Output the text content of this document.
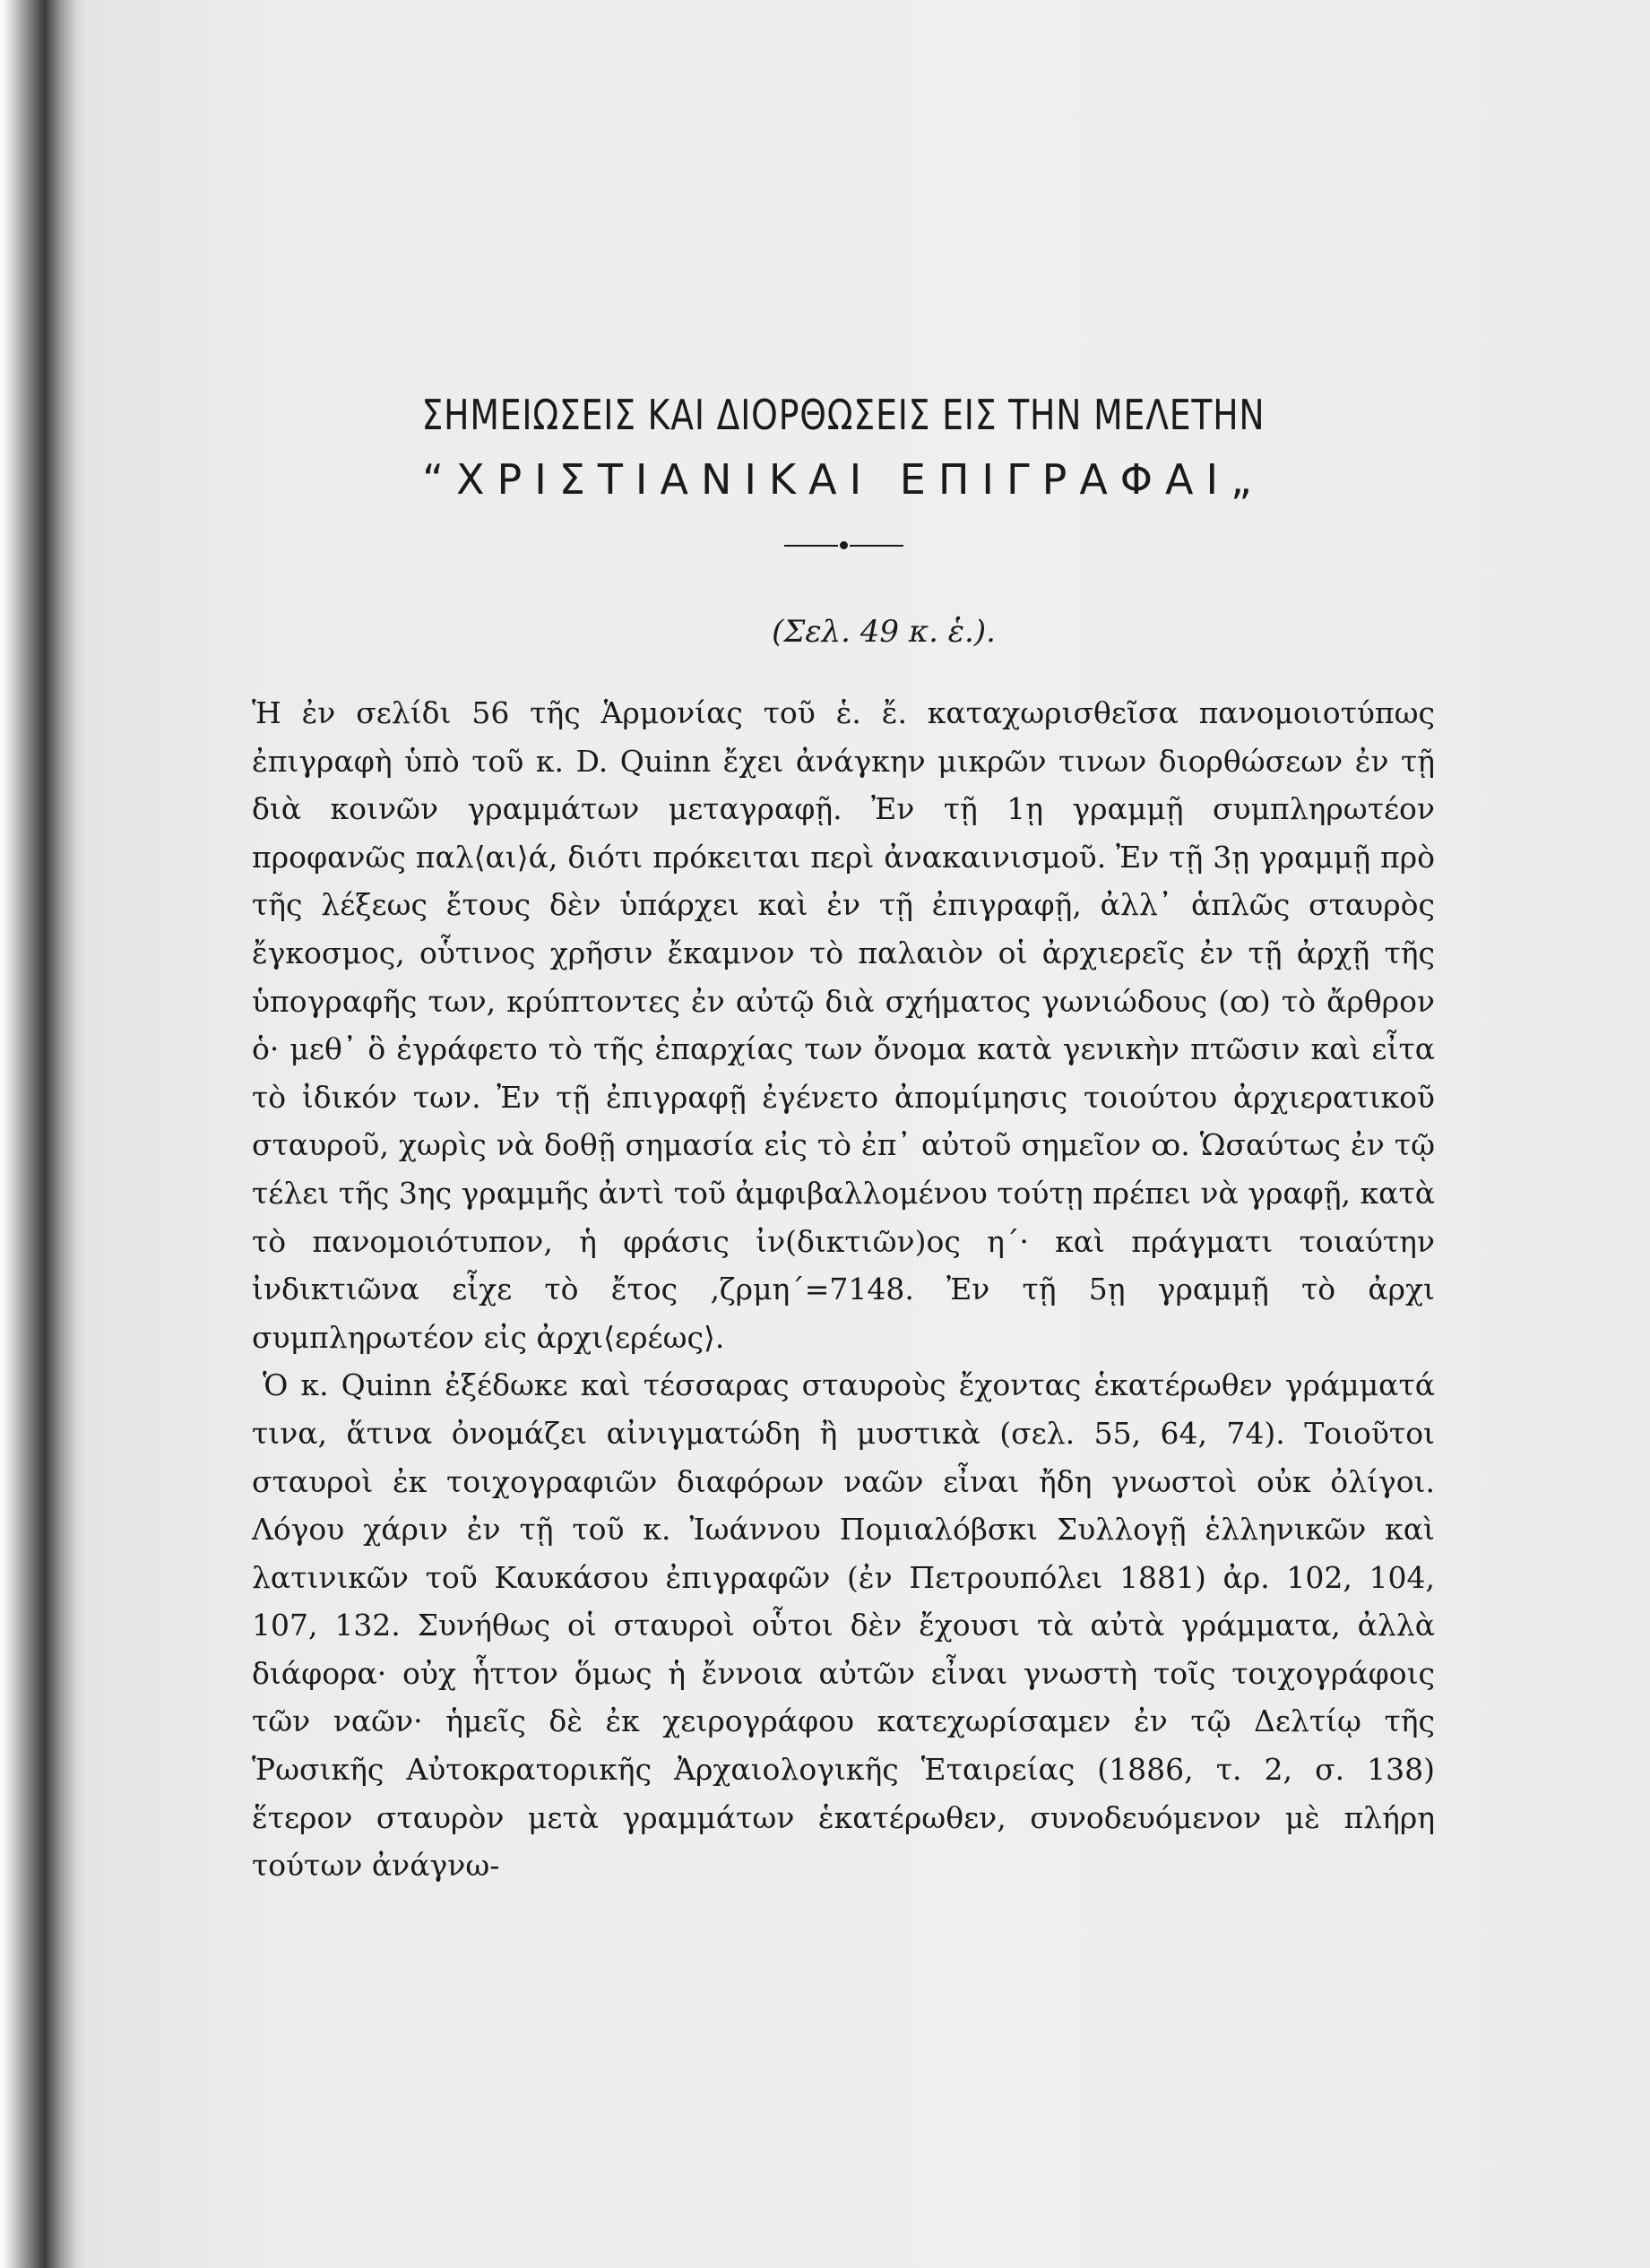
ΣΗΜΕΙΩΣΕΙΣ ΚΑΙ ΔΙΟΡΘΩΣΕΙΣ ΕΙΣ ΤΗΝ ΜΕΛΕΤΗΝ
“ΧΡΙΣΤΙΑΝΙΚΑΙ ΕΠΙΓΡΑΦΑΙ„
(Σελ. 49 κ. ἑ.).

Ἡ ἐν σελίδι 56 τῆς Ἁρμονίας τοῦ ἑ. ἔ. καταχωρισθεῖσα πανομοιοτύπως ἐπιγραφὴ ὑπὸ τοῦ κ. D. Quinn ἔχει ἀνάγκην μικρῶν τινων διορθώσεων ἐν τῇ διὰ κοινῶν γραμμάτων μεταγραφῇ. Ἐν τῇ 1ῃ γραμμῇ συμπληρωτέον προφανῶς παλ⟨αι⟩ά, διότι πρόκειται περὶ ἀνακαινισμοῦ. Ἐν τῇ 3ῃ γραμμῇ πρὸ τῆς λέξεως ἔτους δὲν ὑπάρχει καὶ ἐν τῇ ἐπιγραφῇ, ἀλλ᾽ ἁπλῶς σταυρὸς ἔγκοσμος, οὗτινος χρῆσιν ἔκαμνον τὸ παλαιὸν οἱ ἀρχιερεῖς ἐν τῇ ἀρχῇ τῆς ὑπογραφῆς των, κρύπτοντες ἐν αὐτῷ διὰ σχήματος γωνιώδους (ꝏ) τὸ ἄρθρον ὁ· μεθ᾽ ὃ ἐγράφετο τὸ τῆς ἐπαρχίας των ὄνομα κατὰ γενικὴν πτῶσιν καὶ εἶτα τὸ ἰδικόν των. Ἐν τῇ ἐπιγραφῇ ἐγένετο ἀπομίμησις τοιούτου ἀρχιερατικοῦ σταυροῦ, χωρὶς νὰ δοθῇ σημασία εἰς τὸ ἐπ᾽ αὐτοῦ σημεῖον ꝏ. Ὡσαύτως ἐν τῷ τέλει τῆς 3ης γραμμῆς ἀντὶ τοῦ ἀμφιβαλλομένου τούτῃ πρέπει νὰ γραφῇ, κατὰ τὸ πανομοιότυπον, ἡ φράσις ἰν(δικτιῶν)ος η΄· καὶ πράγματι τοιαύτην ἰνδικτιῶνα εἶχε τὸ ἔτος ‚ζρμη΄=7148. Ἐν τῇ 5ῃ γραμμῇ τὸ ἀρχι συμπληρωτέον εἰς ἀρχι⟨ερέως⟩.

Ὁ κ. Quinn ἐξέδωκε καὶ τέσσαρας σταυροὺς ἔχοντας ἑκατέρωθεν γράμματά τινα, ἅτινα ὀνομάζει αἰνιγματώδη ἢ μυστικὰ (σελ. 55, 64, 74). Τοιοῦτοι σταυροὶ ἐκ τοιχογραφιῶν διαφόρων ναῶν εἶναι ἤδη γνωστοὶ οὐκ ὀλίγοι. Λόγου χάριν ἐν τῇ τοῦ κ. Ἰωάννου Πομιαλόβσκι Συλλογῇ ἑλληνικῶν καὶ λατινικῶν τοῦ Καυκάσου ἐπιγραφῶν (ἐν Πετρουπόλει 1881) ἀρ. 102, 104, 107, 132. Συνήθως οἱ σταυροὶ οὗτοι δὲν ἔχουσι τὰ αὐτὰ γράμματα, ἀλλὰ διάφορα· οὐχ ἧττον ὅμως ἡ ἔννοια αὐτῶν εἶναι γνωστὴ τοῖς τοιχογράφοις τῶν ναῶν· ἡμεῖς δὲ ἐκ χειρογράφου κατεχωρίσαμεν ἐν τῷ Δελτίῳ τῆς Ῥωσικῆς Αὐτοκρατορικῆς Ἀρχαιολογικῆς Ἑταιρείας (1886, τ. 2, σ. 138) ἕτερον σταυρὸν μετὰ γραμμάτων ἑκατέρωθεν, συνοδευόμενον μὲ πλήρη τούτων ἀνάγνω-
